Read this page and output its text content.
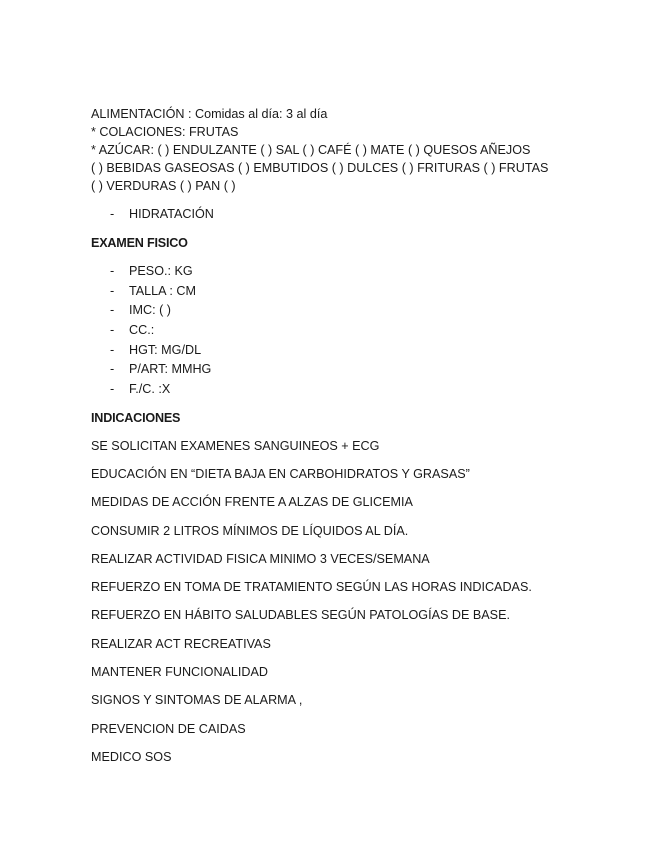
ALIMENTACIÓN : Comidas al día: 3 al día
* COLACIONES: FRUTAS
* AZÚCAR: ( ) ENDULZANTE ( ) SAL ( ) CAFÉ ( ) MATE ( ) QUESOS AÑEJOS
( ) BEBIDAS GASEOSAS ( ) EMBUTIDOS ( ) DULCES ( ) FRITURAS ( ) FRUTAS
( ) VERDURAS ( ) PAN ( )
- HIDRATACIÓN
EXAMEN FISICO
- PESO.: KG
- TALLA : CM
- IMC: ( )
- CC.:
- HGT: MG/DL
- P/ART: MMHG
- F./C. :X
INDICACIONES
SE SOLICITAN EXAMENES SANGUINEOS + ECG
EDUCACIÓN EN “DIETA BAJA EN CARBOHIDRATOS Y GRASAS”
MEDIDAS DE ACCIÓN FRENTE A ALZAS DE GLICEMIA
CONSUMIR 2 LITROS MÍNIMOS DE LÍQUIDOS AL DÍA.
REALIZAR ACTIVIDAD FISICA MINIMO 3 VECES/SEMANA
REFUERZO EN TOMA DE TRATAMIENTO SEGÚN LAS HORAS INDICADAS.
REFUERZO EN HÁBITO SALUDABLES SEGÚN PATOLOGÍAS DE BASE.
REALIZAR ACT RECREATIVAS
MANTENER FUNCIONALIDAD
SIGNOS Y SINTOMAS DE ALARMA ,
PREVENCION DE CAIDAS
MEDICO SOS
